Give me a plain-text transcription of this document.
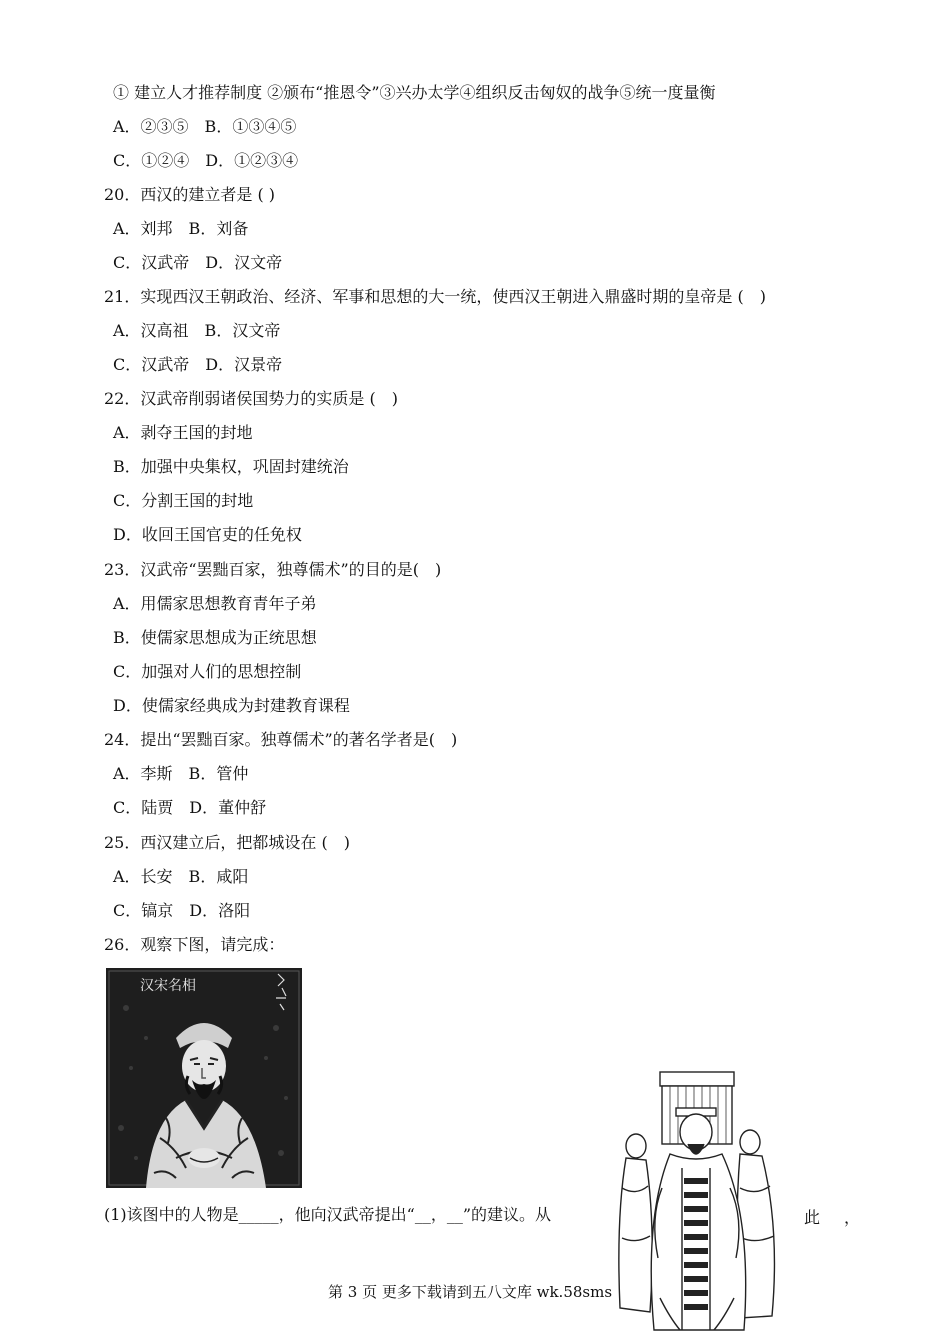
① 建立人才推荐制度 ②颁布“推恩令”③兴办太学④组织反击匈奴的战争⑤统一度量衡
A．②③⑤　B．①③④⑤
C．①②④　D．①②③④
20．西汉的建立者是 ( )
A．刘邦　B．刘备
C．汉武帝　D．汉文帝
21．实现西汉王朝政治、经济、军事和思想的大一统，使西汉王朝进入鼎盛时期的皇帝是 (　)
A．汉高祖　B．汉文帝
C．汉武帝　D．汉景帝
22．汉武帝削弱诸侯国势力的实质是 (　)
A．剥夺王国的封地
B．加强中央集权，巩固封建统治
C．分割王国的封地
D．收回王国官吏的任免权
23．汉武帝“罢黜百家，独尊儒术”的目的是(　)
A．用儒家思想教育青年子弟
B．使儒家思想成为正统思想
C．加强对人们的思想控制
D．使儒家经典成为封建教育课程
24．提出“罢黜百家。独尊儒术”的著名学者是(　)
A．李斯　B．管仲
C．陆贾　D．董仲舒
25．西汉建立后，把都城设在 (　)
A．长安　B．咸阳
C．镐京　D．洛阳
26．观察下图，请完成：
汉宋名相
(1)该图中的人物是_____，他向汉武帝提出“__，__”的建议。从	此 ，
第 3 页 更多下载请到五八文库 wk.58sms
